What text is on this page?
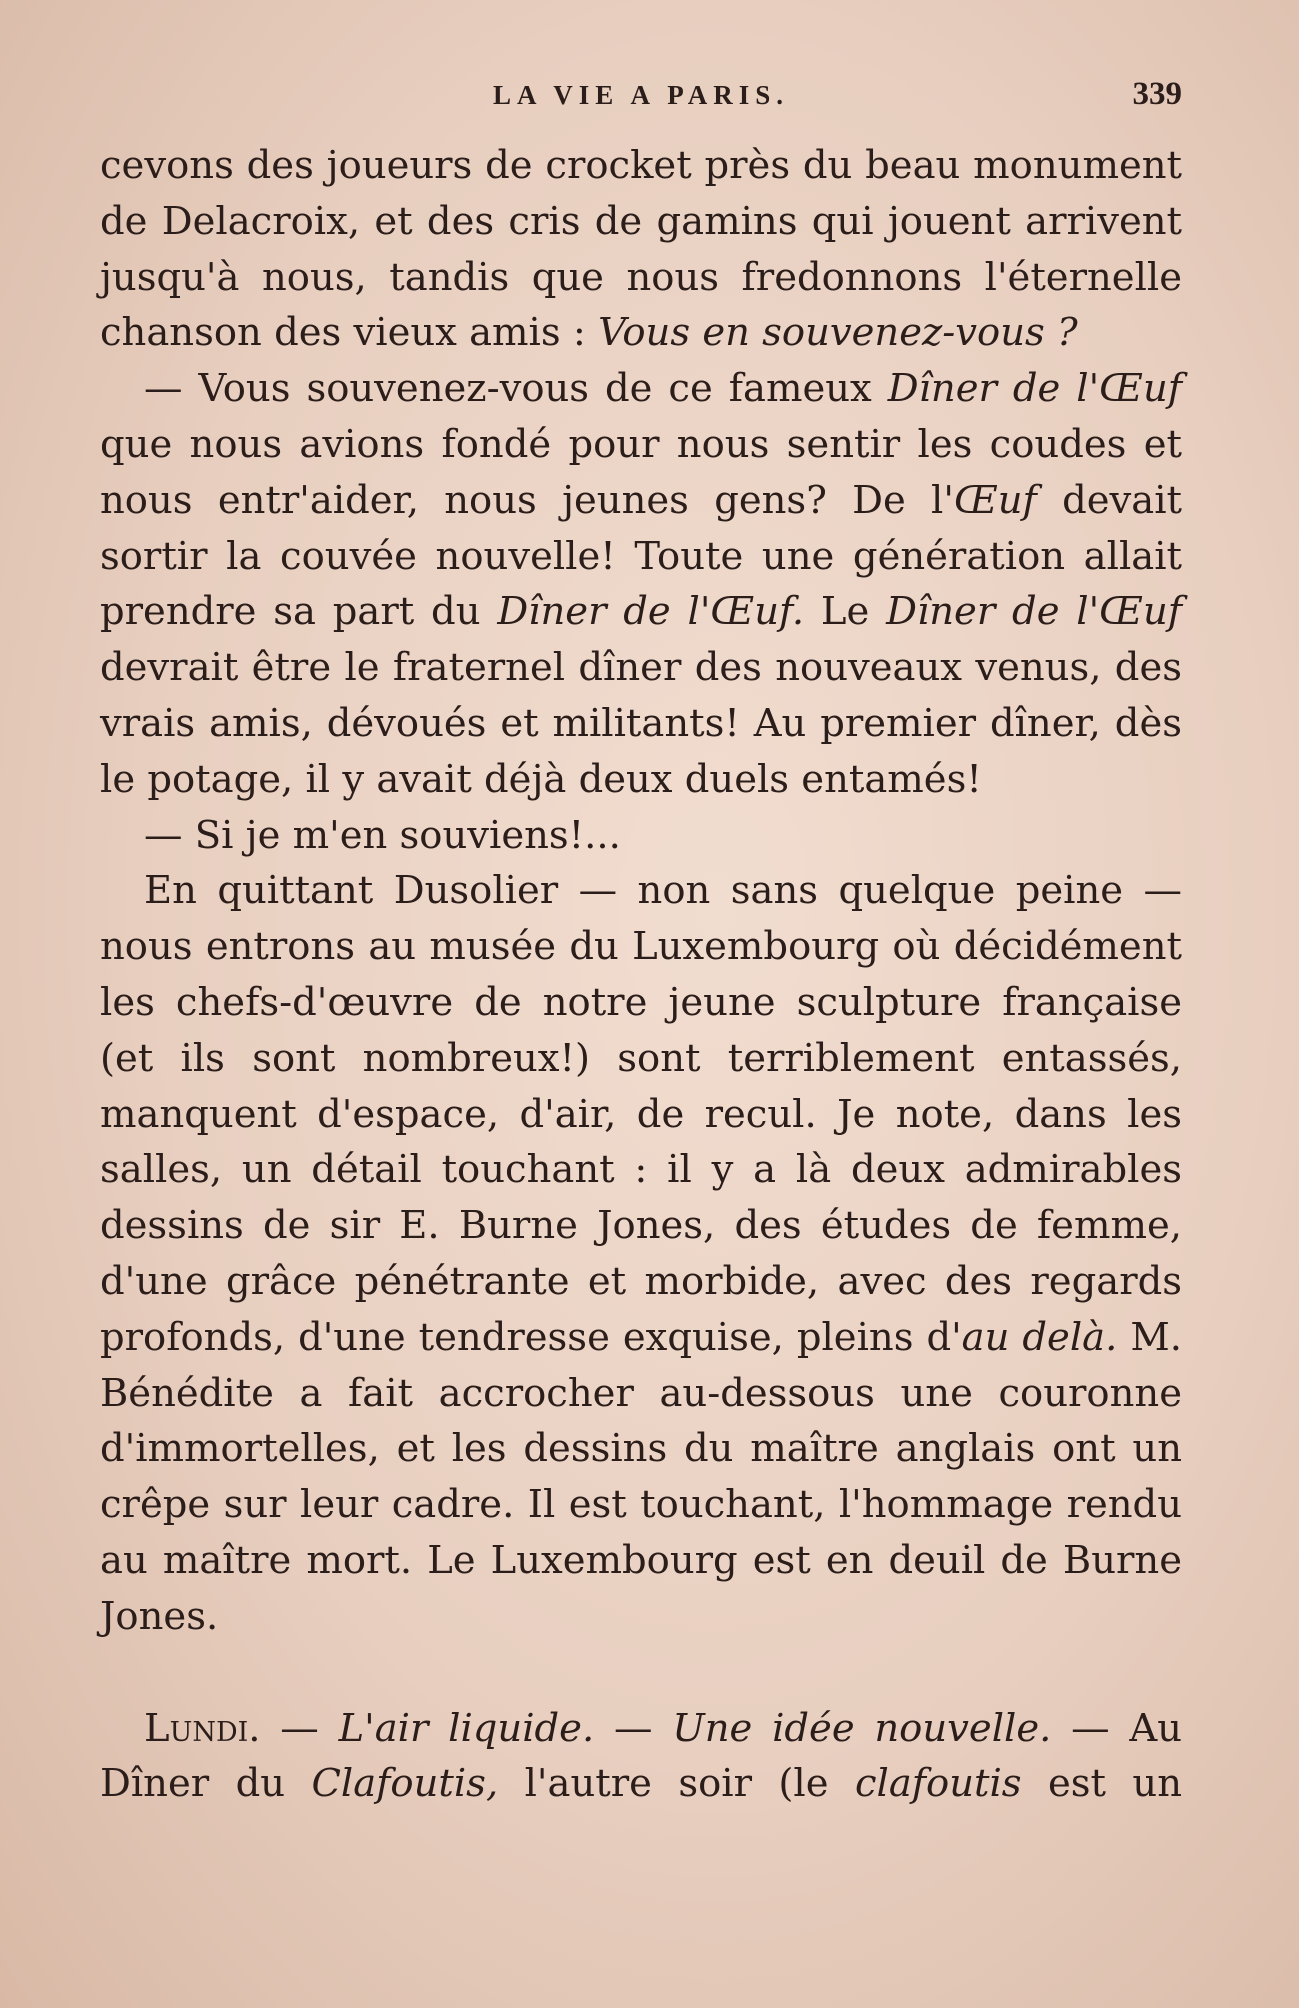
LA VIE A PARIS.	339

cevons des joueurs de crocket près du beau monument de Delacroix, et des cris de gamins qui jouent arrivent jusqu'à nous, tandis que nous fredonnons l'éternelle chanson des vieux amis : Vous en souvenez-vous ?

— Vous souvenez-vous de ce fameux Dîner de l'Œuf que nous avions fondé pour nous sentir les coudes et nous entr'aider, nous jeunes gens? De l'Œuf devait sortir la couvée nouvelle! Toute une génération allait prendre sa part du Dîner de l'Œuf. Le Dîner de l'Œuf devrait être le fraternel dîner des nouveaux venus, des vrais amis, dévoués et militants! Au premier dîner, dès le potage, il y avait déjà deux duels entamés!

— Si je m'en souviens!...

En quittant Dusolier — non sans quelque peine — nous entrons au musée du Luxembourg où décidément les chefs-d'œuvre de notre jeune sculpture française (et ils sont nombreux!) sont terriblement entassés, manquent d'espace, d'air, de recul. Je note, dans les salles, un détail touchant : il y a là deux admirables dessins de sir E. Burne Jones, des études de femme, d'une grâce pénétrante et morbide, avec des regards profonds, d'une tendresse exquise, pleins d'au delà. M. Bénédite a fait accrocher au-dessous une couronne d'immortelles, et les dessins du maître anglais ont un crêpe sur leur cadre. Il est touchant, l'hommage rendu au maître mort. Le Luxembourg est en deuil de Burne Jones.

Lundi. — L'air liquide. — Une idée nouvelle. — Au Dîner du Clafoutis, l'autre soir (le clafoutis est un
